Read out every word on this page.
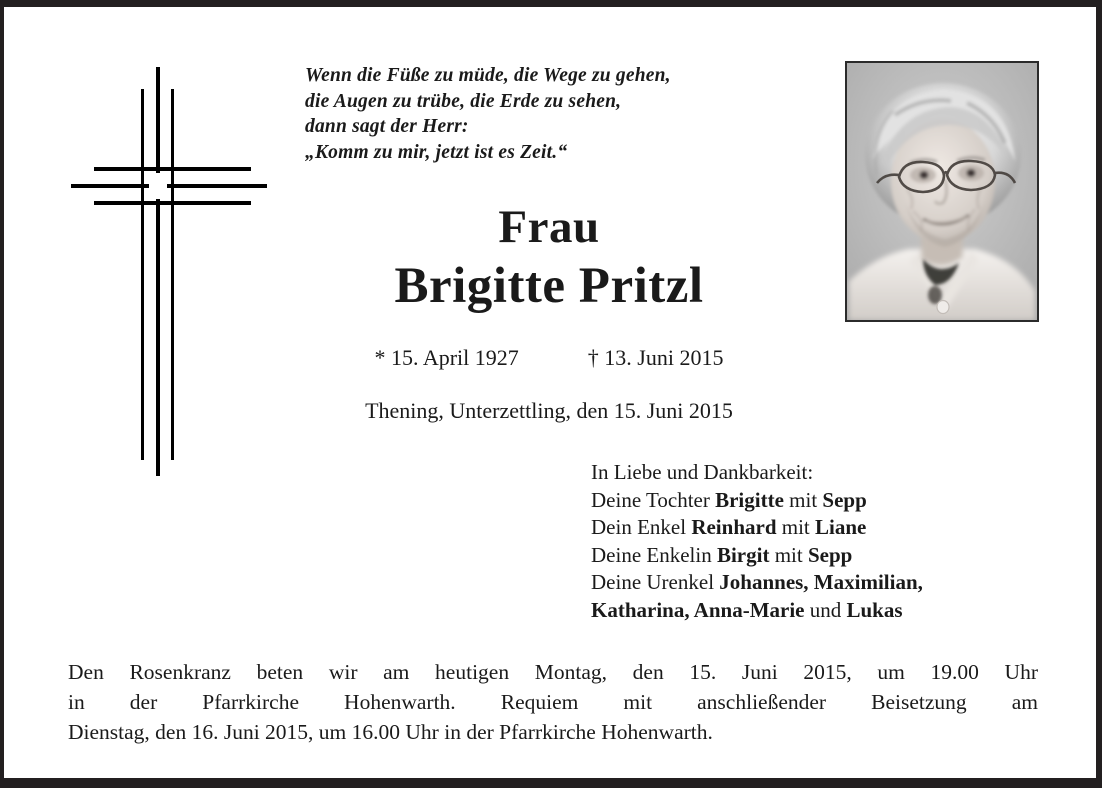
Wenn die Füße zu müde, die Wege zu gehen,
die Augen zu trübe, die Erde zu sehen,
dann sagt der Herr:
„Komm zu mir, jetzt ist es Zeit.“
Frau
Brigitte Pritzl
* 15. April 1927	† 13. Juni 2015
Thening, Unterzettling, den 15. Juni 2015
In Liebe und Dankbarkeit:
Deine Tochter Brigitte mit Sepp
Dein Enkel Reinhard mit Liane
Deine Enkelin Birgit mit Sepp
Deine Urenkel Johannes, Maximilian,
Katharina, Anna-Marie und Lukas
Den Rosenkranz beten wir am heutigen Montag, den 15. Juni 2015, um 19.00 Uhr
in der Pfarrkirche Hohenwarth. Requiem mit anschließender Beisetzung am
Dienstag, den 16. Juni 2015, um 16.00 Uhr in der Pfarrkirche Hohenwarth.
